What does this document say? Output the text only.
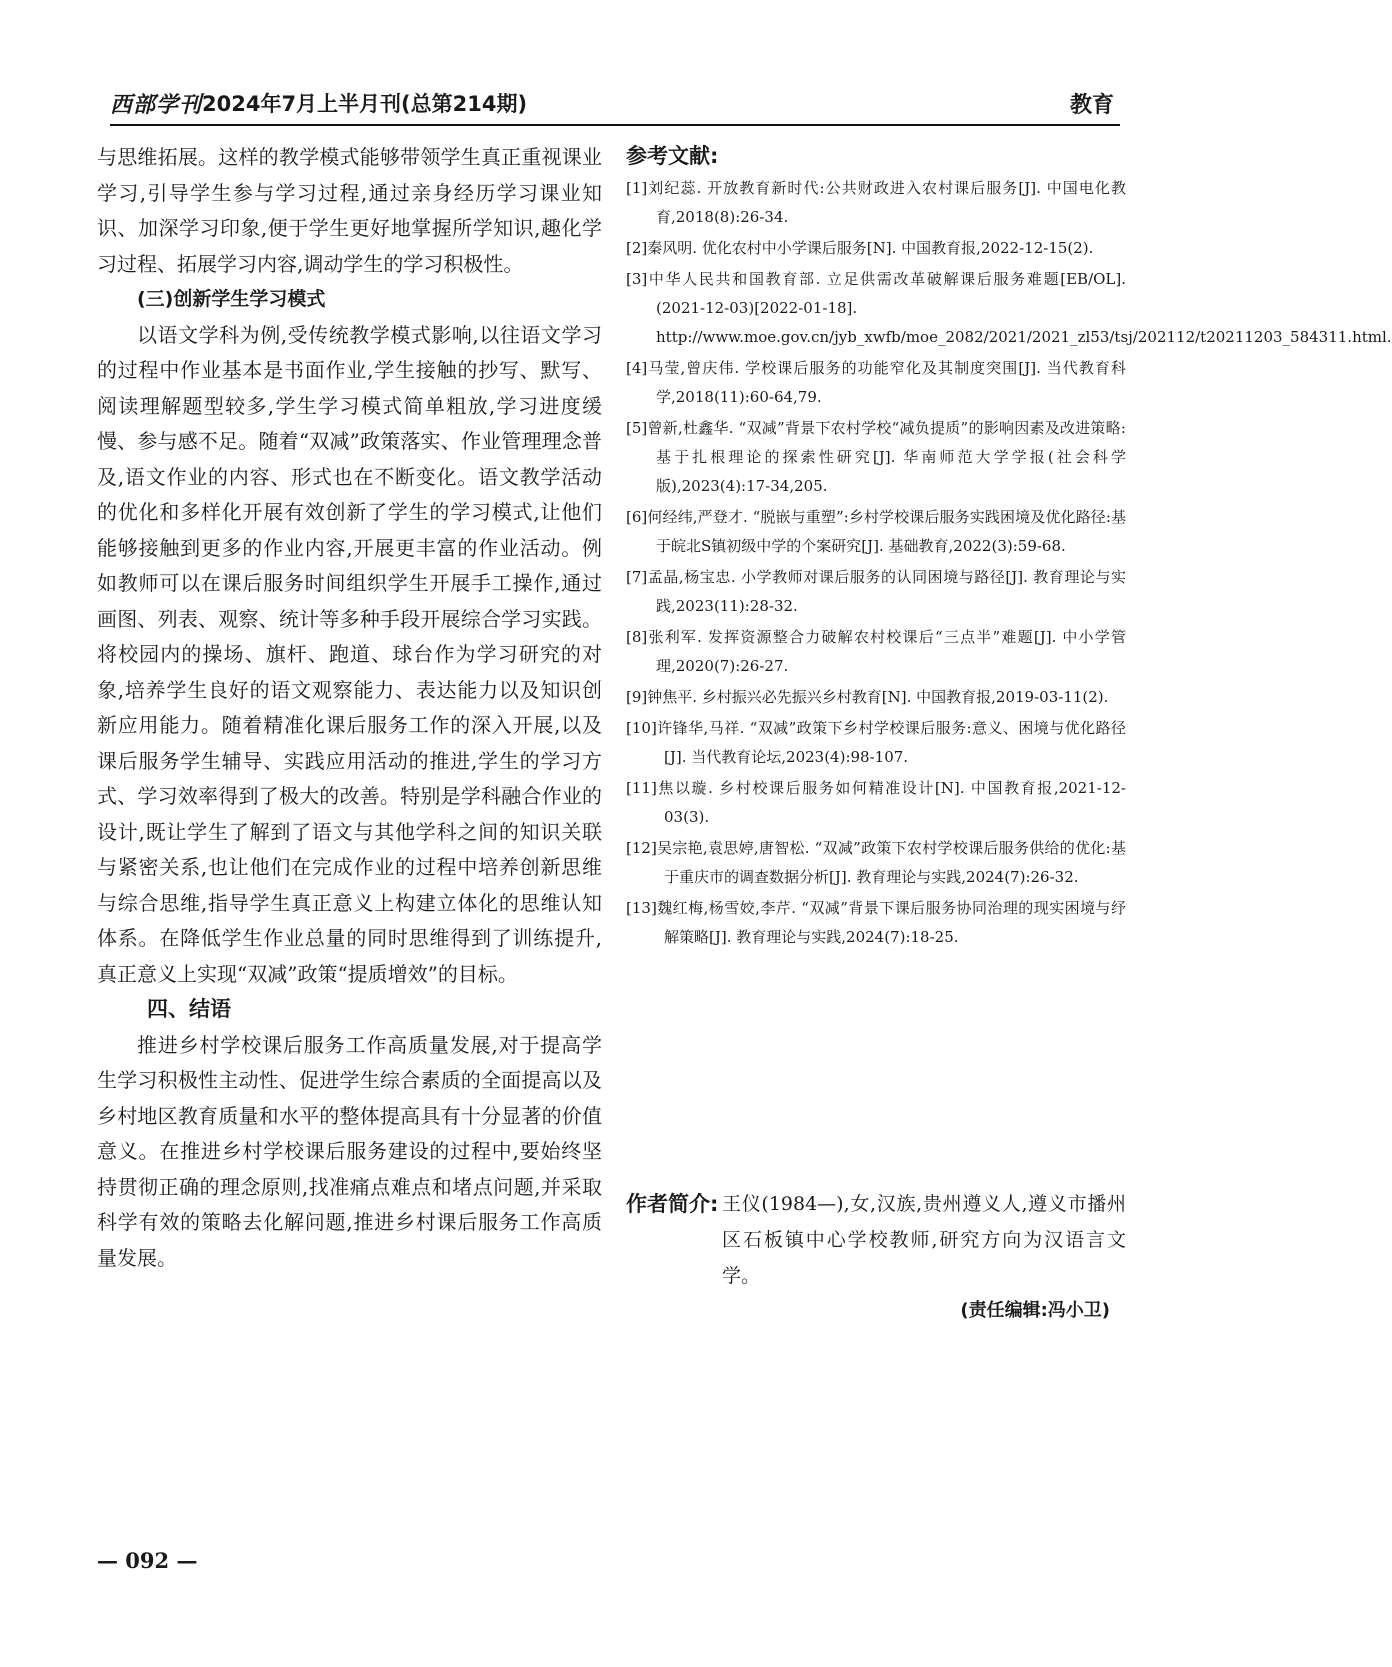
西部学刊 2024年7月上半月刊(总第214期)	教育

与思维拓展。这样的教学模式能够带领学生真正重视课业学习,引导学生参与学习过程,通过亲身经历学习课业知识、加深学习印象,便于学生更好地掌握所学知识,趣化学习过程、拓展学习内容,调动学生的学习积极性。

(三)创新学生学习模式

以语文学科为例,受传统教学模式影响,以往语文学习的过程中作业基本是书面作业,学生接触的抄写、默写、阅读理解题型较多,学生学习模式简单粗放,学习进度缓慢、参与感不足。随着“双减”政策落实、作业管理理念普及,语文作业的内容、形式也在不断变化。语文教学活动的优化和多样化开展有效创新了学生的学习模式,让他们能够接触到更多的作业内容,开展更丰富的作业活动。例如教师可以在课后服务时间组织学生开展手工操作,通过画图、列表、观察、统计等多种手段开展综合学习实践。将校园内的操场、旗杆、跑道、球台作为学习研究的对象,培养学生良好的语文观察能力、表达能力以及知识创新应用能力。随着精准化课后服务工作的深入开展,以及课后服务学生辅导、实践应用活动的推进,学生的学习方式、学习效率得到了极大的改善。特别是学科融合作业的设计,既让学生了解到了语文与其他学科之间的知识关联与紧密关系,也让他们在完成作业的过程中培养创新思维与综合思维,指导学生真正意义上构建立体化的思维认知体系。在降低学生作业总量的同时思维得到了训练提升,真正意义上实现“双减”政策“提质增效”的目标。

四、结语

推进乡村学校课后服务工作高质量发展,对于提高学生学习积极性主动性、促进学生综合素质的全面提高以及乡村地区教育质量和水平的整体提高具有十分显著的价值意义。在推进乡村学校课后服务建设的过程中,要始终坚持贯彻正确的理念原则,找准痛点难点和堵点问题,并采取科学有效的策略去化解问题,推进乡村课后服务工作高质量发展。

参考文献:

[1]刘纪蕊. 开放教育新时代:公共财政进入农村课后服务[J]. 中国电化教育,2018(8):26-34.
[2]秦风明. 优化农村中小学课后服务[N]. 中国教育报,2022-12-15(2).
[3]中华人民共和国教育部. 立足供需改革破解课后服务难题[EB/OL]. (2021-12-03)[2022-01-18]. http://www.moe.gov.cn/jyb_xwfb/moe_2082/2021/2021_zl53/tsj/202112/t20211203_584311.html.
[4]马莹,曾庆伟. 学校课后服务的功能窄化及其制度突围[J]. 当代教育科学,2018(11):60-64,79.
[5]曾新,杜鑫华. “双减”背景下农村学校“减负提质”的影响因素及改进策略:基于扎根理论的探索性研究[J]. 华南师范大学学报(社会科学版),2023(4):17-34,205.
[6]何经纬,严登才. “脱嵌与重塑”:乡村学校课后服务实践困境及优化路径:基于皖北S镇初级中学的个案研究[J]. 基础教育,2022(3):59-68.
[7]孟晶,杨宝忠. 小学教师对课后服务的认同困境与路径[J]. 教育理论与实践,2023(11):28-32.
[8]张利军. 发挥资源整合力破解农村校课后“三点半”难题[J]. 中小学管理,2020(7):26-27.
[9]钟焦平. 乡村振兴必先振兴乡村教育[N]. 中国教育报,2019-03-11(2).
[10]许锋华,马祥. “双减”政策下乡村学校课后服务:意义、困境与优化路径[J]. 当代教育论坛,2023(4):98-107.
[11]焦以璇. 乡村校课后服务如何精准设计[N]. 中国教育报,2021-12-03(3).
[12]吴宗艳,袁思婷,唐智松. “双减”政策下农村学校课后服务供给的优化:基于重庆市的调查数据分析[J]. 教育理论与实践,2024(7):26-32.
[13]魏红梅,杨雪姣,李芹. “双减”背景下课后服务协同治理的现实困境与纾解策略[J]. 教育理论与实践,2024(7):18-25.
作者简介: 王仪(1984—),女,汉族,贵州遵义人,遵义市播州区石板镇中心学校教师,研究方向为汉语言文学。
(责任编辑:冯小卫)
— 092 —
